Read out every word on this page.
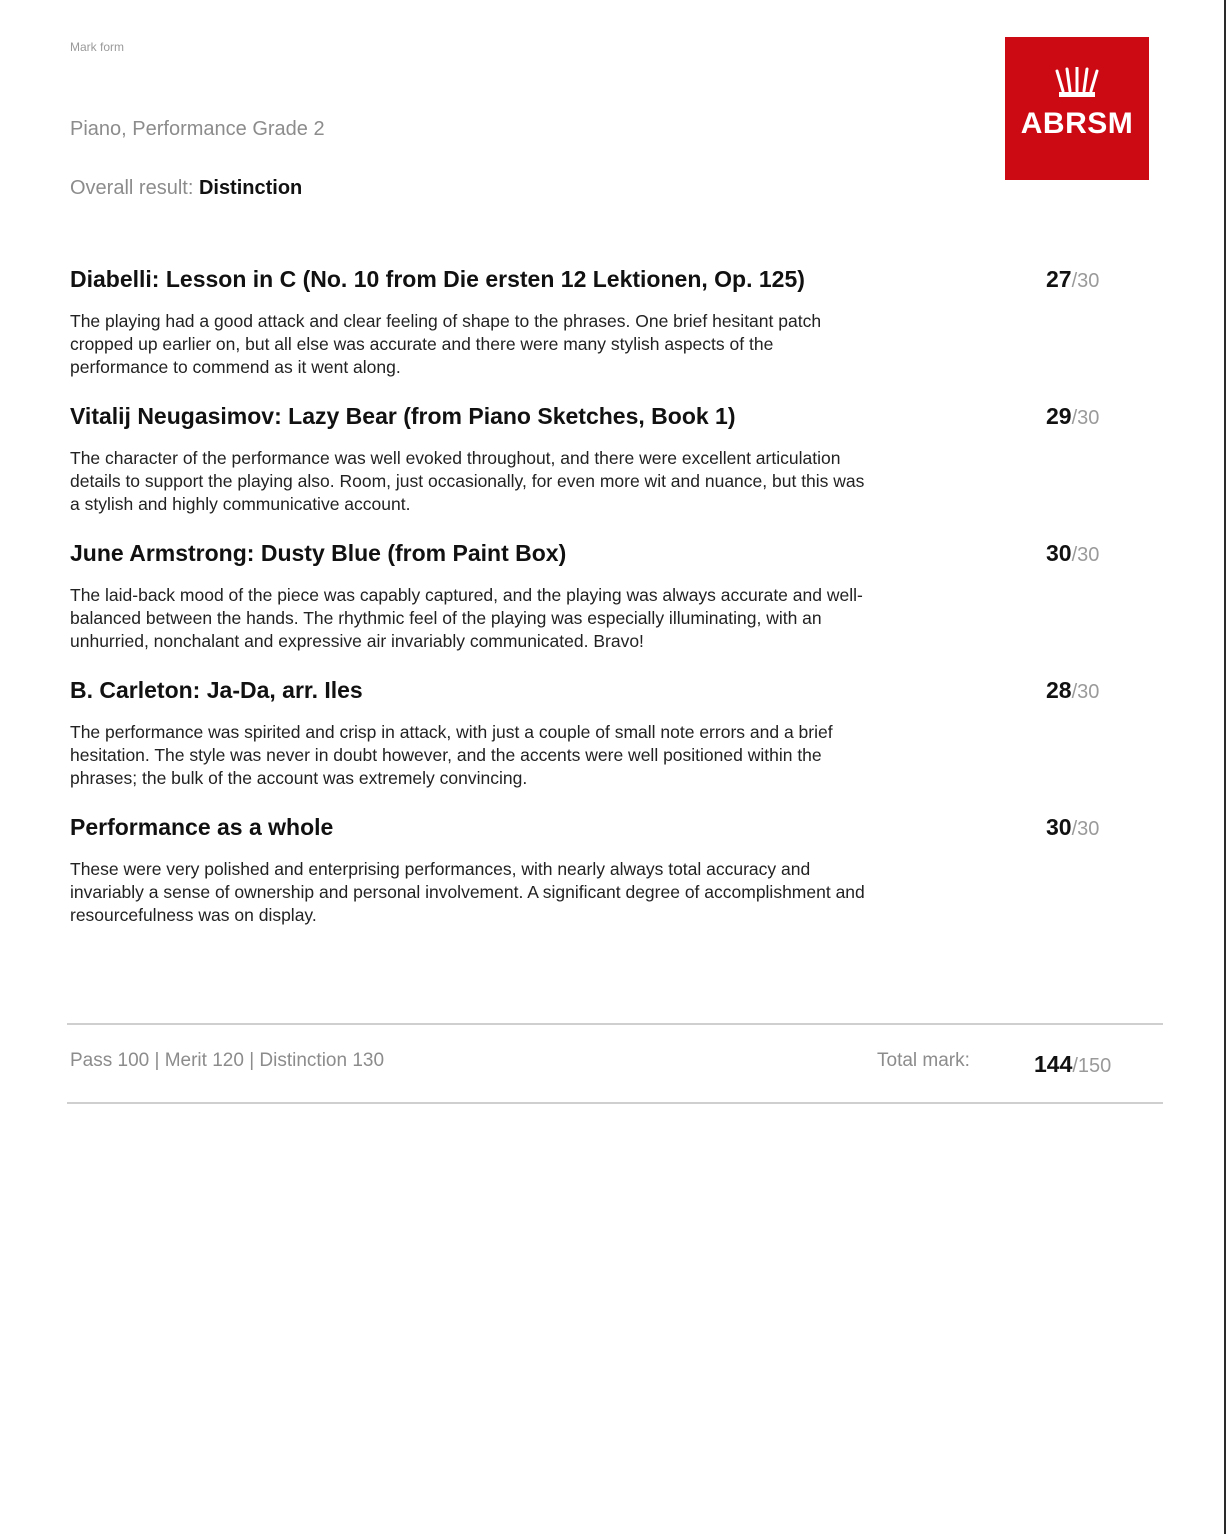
Mark form
Piano, Performance Grade 2
Overall result: Distinction
ABRSM
Diabelli: Lesson in C (No. 10 from Die ersten 12 Lektionen, Op. 125)	27/30

The playing had a good attack and clear feeling of shape to the phrases. One brief hesitant patch cropped up earlier on, but all else was accurate and there were many stylish aspects of the performance to commend as it went along.

Vitalij Neugasimov: Lazy Bear (from Piano Sketches, Book 1)	29/30

The character of the performance was well evoked throughout, and there were excellent articulation details to support the playing also. Room, just occasionally, for even more wit and nuance, but this was a stylish and highly communicative account.

June Armstrong: Dusty Blue (from Paint Box)	30/30

The laid-back mood of the piece was capably captured, and the playing was always accurate and well-balanced between the hands. The rhythmic feel of the playing was especially illuminating, with an unhurried, nonchalant and expressive air invariably communicated. Bravo!

B. Carleton: Ja-Da, arr. Iles	28/30

The performance was spirited and crisp in attack, with just a couple of small note errors and a brief hesitation. The style was never in doubt however, and the accents were well positioned within the phrases; the bulk of the account was extremely convincing.

Performance as a whole	30/30

These were very polished and enterprising performances, with nearly always total accuracy and invariably a sense of ownership and personal involvement. A significant degree of accomplishment and resourcefulness was on display.

Pass 100 | Merit 120 | Distinction 130	Total mark:	144/150
